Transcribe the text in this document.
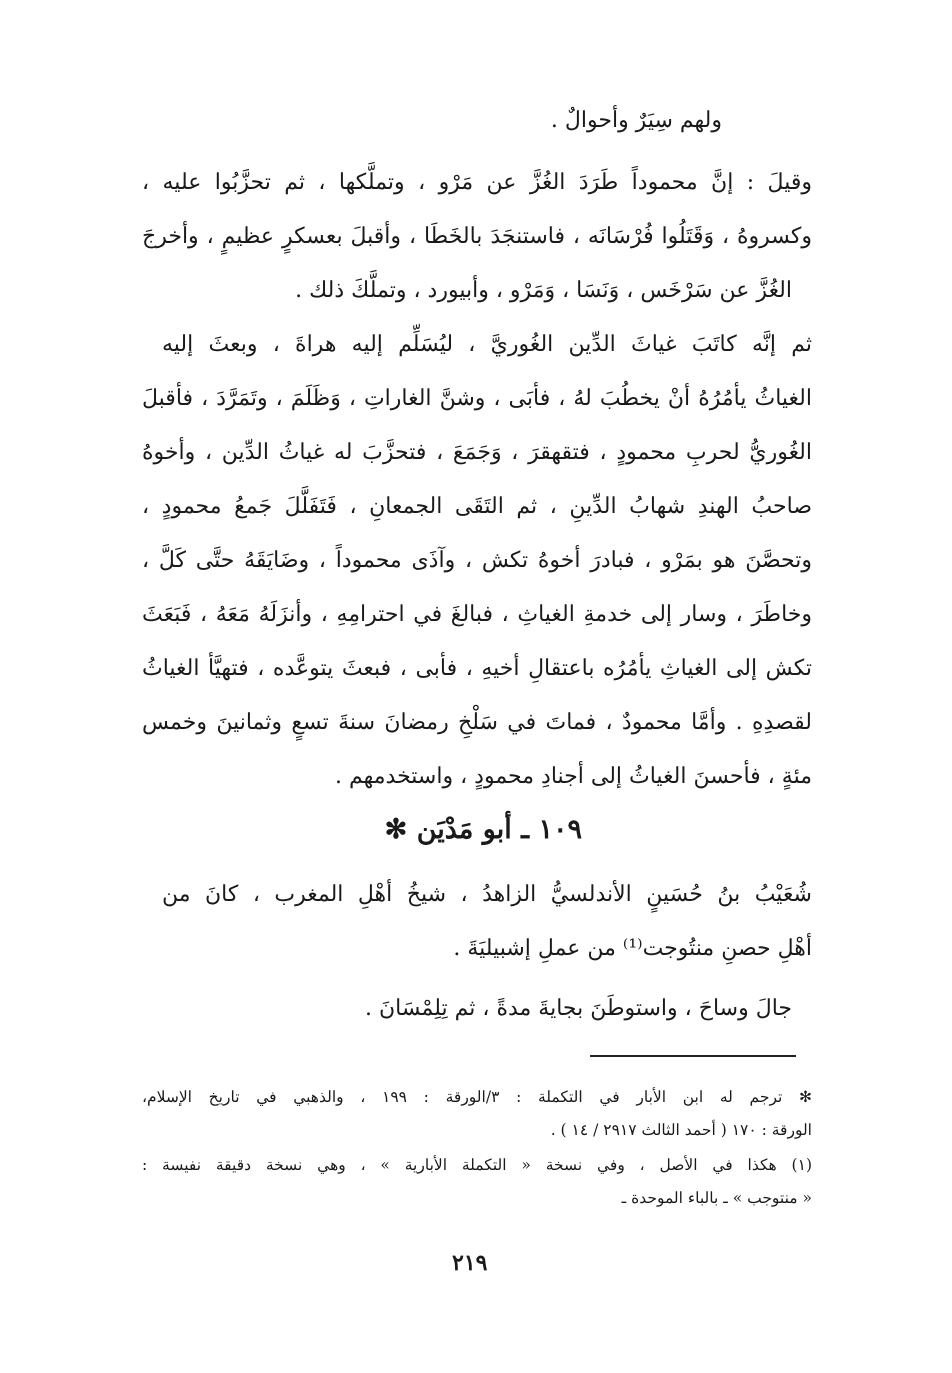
ولهم سِيَرٌ وأحوالٌ .
وقيلَ : إنَّ محموداً طَرَدَ الغُزَّ عن مَرْو ، وتملَّكها ، ثم تحزَّبُوا عليه ،
وكسروهُ ، وَقَتَلُوا فُرْسَانَه ، فاستنجَدَ بالخَطَا ، وأقبلَ بعسكرٍ عظيمٍ ، وأخرجَ
الغُزَّ عن سَرْخَس ، وَنَسَا ، وَمَرْو ، وأبيورد ، وتملَّكَ ذلك .
ثم إنَّه كاتَبَ غياثَ الدِّين الغُوريَّ ، ليُسَلِّم إليه هراةَ ، وبعثَ إليه
الغياثُ يأمُرُهُ أنْ يخطُبَ لهُ ، فأبَى ، وشنَّ الغاراتِ ، وَظَلَمَ ، وتَمَرَّدَ ، فأقبلَ
الغُوريُّ لحربِ محمودٍ ، فتقهقرَ ، وَجَمَعَ ، فتحزَّبَ له غياثُ الدِّين ، وأخوهُ
صاحبُ الهندِ شهابُ الدِّينِ ، ثم التَقَى الجمعانِ ، فَتَفَلَّلَ جَمعُ محمودٍ ،
وتحصَّنَ هو بمَرْو ، فبادرَ أخوهُ تكش ، وآذَى محموداً ، وضَايَقَهُ حتَّى كَلَّ ،
وخاطَرَ ، وسار إلى خدمةِ الغياثِ ، فبالغَ في احترامِهِ ، وأنزَلَهُ مَعَهُ ، فَبَعَثَ
تكش إلى الغياثِ يأمُرُه باعتقالِ أخيهِ ، فأبى ، فبعثَ يتوعَّده ، فتهيَّأ الغياثُ
لقصدِهِ . وأمَّا محمودٌ ، فماتَ في سَلْخِ رمضانَ سنةَ تسعٍ وثمانينَ وخمس
مئةٍ ، فأحسنَ الغياثُ إلى أجنادِ محمودٍ ، واستخدمهم .
١٠٩ ـ أبو مَدْيَن ✻
شُعَيْبُ بنُ حُسَينٍ الأندلسيُّ الزاهدُ ، شيخُ أهْلِ المغرب ، كانَ من
أهْلِ حصنِ منتُوجت⁽¹⁾ من عملِ إشبيليَةَ .
جالَ وساحَ ، واستوطَنَ بجايةَ مدةً ، ثم تِلِمْسَانَ .
✻ ترجم له ابن الأبار في التكملة : ٣/الورقة : ١٩٩ ، والذهبي في تاريخ الإسلام،
الورقة : ١٧٠ ( أحمد الثالث ٢٩١٧ / ١٤ ) .
(١) هكذا في الأصل ، وفي نسخة « التكملة الأبارية » ، وهي نسخة دقيقة نفيسة :
« منتوجب » ـ بالباء الموحدة ـ
٢١٩
